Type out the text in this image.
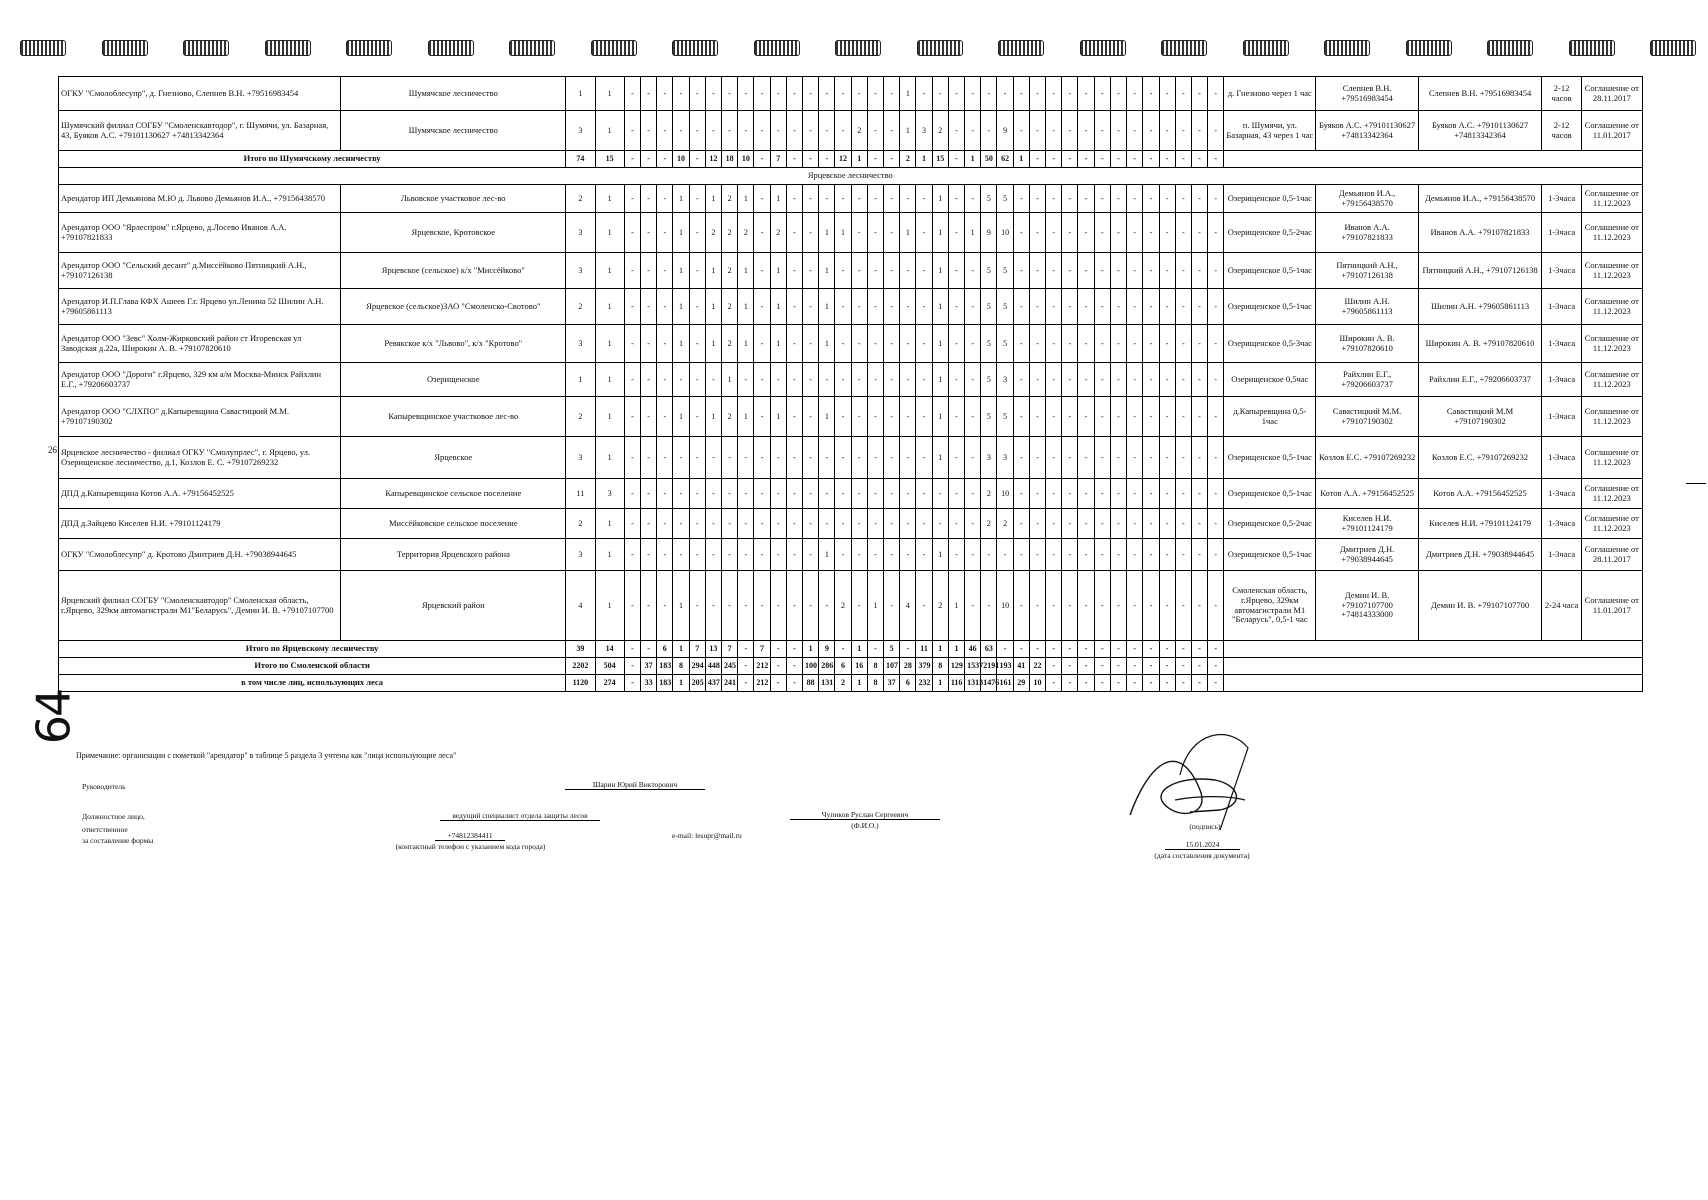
64
ОГКУ "Смолоблесупр", д. Гнезново, Слепнев В.Н. +79516983454	Шумячское лесничество	1	1	-	-	-	-	-	-	-	-	-	-	-	-	-	-	-	-	-	1	-	-	-	-	-	-	-	-	-	-	-	-	-	-	-	-	-	-	-	д. Гнезново через 1 час	Слепнев В.Н. +79516983454	Слепнев В.Н. +79516983454	2-12 часов	Соглашение от 28.11.2017
Шумячский филиал СОГБУ "Смоленскавтодор", г. Шумячи, ул. Базарная, 43, Буяков А.С. +79101130627 +74813342364	Шумячское лесничество	3	1	-	-	-	-	-	-	-	-	-	-	-	-	-	-	2	-	-	1	3	2	-	-	-	9	-	-	-	-	-	-	-	-	-	-	-	-	-	п. Шумячи, ул. Базарная, 43 через 1 час	Буяков А.С. +79101130627 +74813342364	Буяков А.С. +79101130627 +74813342364	2-12 часов	Соглашение от 11.01.2017
Итого по Шумячскому лесничеству		74	15	-	-	-	10	-	12	18	10	-	7	-	-	-	12	1	-	-	2	1	15	-	1	50	62	1	-	-	-	-	-	-	-	-	-	-	-	-					
Ярцевское лесничество																																													
Арендатор ИП Демьянова М.Ю д. Львово Демьянов И.А., +79156438570	Львовское участковое лес-во	2	1	-	-	-	1	-	1	2	1	-	1	-	-	-	-	-	-	-	-	-	1	-	-	5	5	-	-	-	-	-	-	-	-	-	-	-	-	-	Озерищенское 0,5-1час	Демьянов И.А., +79156438570	Демьянов И.А., +79156438570	1-3часа	Соглашение от 11.12.2023
Арендатор ООО "Ярлеспром" г.Ярцево, д.Лосево Иванов А.А. +79107821833	Ярцевское, Кротовское	3	1	-	-	-	1	-	2	2	2	-	2	-	-	1	1	-	-	-	1	-	1	-	1	9	10	-	-	-	-	-	-	-	-	-	-	-	-	-	Озерищенское 0,5-2час	Иванов А.А. +79107821833	Иванов А.А. +79107821833	1-3часа	Соглашение от 11.12.2023
Арендатор ООО "Сельский десант" д.Миссёйково Пятницкий А.Н., +79107126138	Ярцевское (сельское) к/х "Миссёйково"	3	1	-	-	-	1	-	1	2	1	-	1	-	-	1	-	-	-	-	-	-	1	-	-	5	5	-	-	-	-	-	-	-	-	-	-	-	-	-	Озерищенское 0,5-1час	Пятницкий А.Н., +79107126138	Пятницкий А.Н., +79107126138	1-3часа	Соглашение от 11.12.2023
Арендатор И.П.Глава КФХ Ашеев Г.г. Ярцево ул.Ленина 52 Шилин А.Н. +79605861113	Ярцевское (сельское)ЗАО "Смоленско-Свотово"	2	1	-	-	-	1	-	1	2	1	-	1	-	-	1	-	-	-	-	-	-	1	-	-	5	5	-	-	-	-	-	-	-	-	-	-	-	-	-	Озерищенское 0,5-1час	Шилин А.Н. +79605861113	Шилин А.Н. +79605861113	1-3часа	Соглашение от 11.12.2023
Арендатор ООО "Зевс" Холм-Жирковский район ст Игоревская ул Заводская д.22а, Широкин А. В. +79107820610	Ревякское к/х "Львово", к/х "Кротово"	3	1	-	-	-	1	-	1	2	1	-	1	-	-	1	-	-	-	-	-	-	1	-	-	5	5	-	-	-	-	-	-	-	-	-	-	-	-	-	Озерищенское 0,5-3час	Широкин А. В. +79107820610	Широкин А. В. +79107820610	1-3часа	Соглашение от 11.12.2023
Арендатор ООО "Дороги" г.Ярцево, 329 км а/м Москва-Минск Райхлин Е.Г., +79206603737	Озерищенское	1	1	-	-	-	-	-	-	1	-	-	-	-	-	-	-	-	-	-	-	-	1	-	-	5	3	-	-	-	-	-	-	-	-	-	-	-	-	-	Озерищенское 0,5час	Райхлин Е.Г., +79206603737	Райхлин Е.Г., +79206603737	1-3часа	Соглашение от 11.12.2023
Арендатор ООО "СЛХПО" д.Капыревщина Савастицкий М.М. +79107190302	Капыревщинское участковое лес-во	2	1	-	-	-	1	-	1	2	1	-	1	-	-	1	-	-	-	-	-	-	1	-	-	5	5	-	-	-	-	-	-	-	-	-	-	-	-	-	д.Капыревщина 0,5-1час	Савастицкий М.М. +79107190302	Савастицкий М.М +79107190302	1-3часа	Соглашение от 11.12.2023
Ярцевское лесничество - филиал ОГКУ "Смолупрлес", г. Ярцево, ул. Озерищенское лесничество, д.1, Козлов Е. С. +79107269232	Ярцевское	3	1	-	-	-	-	-	-	-	-	-	-	-	-	-	-	-	-	-	-	-	1	-	-	3	3	-	-	-	-	-	-	-	-	-	-	-	-	-	Озерищенское 0,5-1час	Козлов Е.С. +79107269232	Козлов Е.С. +79107269232	1-3часа	Соглашение от 11.12.2023
ДПД д.Капыревщина Котов А.А. +79156452525	Капыревщинское сельское поселение	11	3	-	-	-	-	-	-	-	-	-	-	-	-	-	-	-	-	-	-	-	-	-	-	2	10	-	-	-	-	-	-	-	-	-	-	-	-	-	Озерищенское 0,5-1час	Котов А.А. +79156452525	Котов А.А. +79156452525	1-3часа	Соглашение от 11.12.2023
ДПД д.Зайцево Киселев Н.И. +79101124179	Миссёйковское сельское поселение	2	1	-	-	-	-	-	-	-	-	-	-	-	-	-	-	-	-	-	-	-	-	-	-	2	2	-	-	-	-	-	-	-	-	-	-	-	-	-	Озерищенское 0,5-2час	Киселев Н.И. +79101124179	Киселев Н.И. +79101124179	1-3часа	Соглашение от 11.12.2023
ОГКУ "Смолоблесупр" д. Кротово Дмитриев Д.Н. +79038944645	Территория Ярцевского района	3	1	-	-	-	-	-	-	-	-	-	-	-	-	1	-	-	-	-	-	-	1	-	-	-	-	-	-	-	-	-	-	-	-	-	-	-	-	-	Озерищенское 0,5-1час	Дмитриев Д.Н. +79038944645	Дмитриев Д.Н. +79038944645	1-3часа	Соглашение от 28.11.2017
Ярцевский филиал СОГБУ "Смоленскавтодор" Смоленская область, г.Ярцево, 329км автомагистрали М1"Беларусь", Демин И. В. +79107107700	Ярцевский район	4	1	-	-	-	1	-	-	-	-	-	-	-	-	-	2	-	1	-	4	-	2	1	-	-	10	-	-	-	-	-	-	-	-	-	-	-	-	-	Смоленская область, г.Ярцево, 329км автомагистрали М1 "Беларусь", 0,5-1 час	Демин И. В. +79107107700 +74814333000	Демин И. В. +79107107700	2-24 часа	Соглашение от 11.01.2017
Итого по Ярцевскому лесничеству		39	14	-	-	6	1	7	13	7	-	7	-	-	1	9	-	1	-	5	-	11	1	1	46	63	-	-	-	-	-	-	-	-	-	-	-	-	-	-					
Итого по Смоленской области		2202	504	-	37	183	8	294	448	245	-	212	-	-	100	286	6	16	8	107	28	379	8	129	1537	2191	193	41	22	-	-	-	-	-	-	-	-	-	-	-					
в том числе лиц, использующих леса		1120	274	-	33	183	1	205	437	241	-	212	-	-	88	131	2	1	8	37	6	232	1	116	1313	1476	161	29	10	-	-	-	-	-	-	-	-	-	-	-					
Примечание: организации с пометкой "арендатор" в таблице 5 раздела 3 учтены как "лица использующие леса"
Руководитель	Шарин Юрий Викторович
Должностное лицо,
ответственное
за составление формы
ведущий специалист отдела защиты лесов	Чупиков Руслан Сергеевич
(Ф.И.О.)	(подпись)
+74812384411
(контактный телефон с указанием кода города)
e-mail: lesupr@mail.ru
15.01.2024
(дата составления документа)
26
